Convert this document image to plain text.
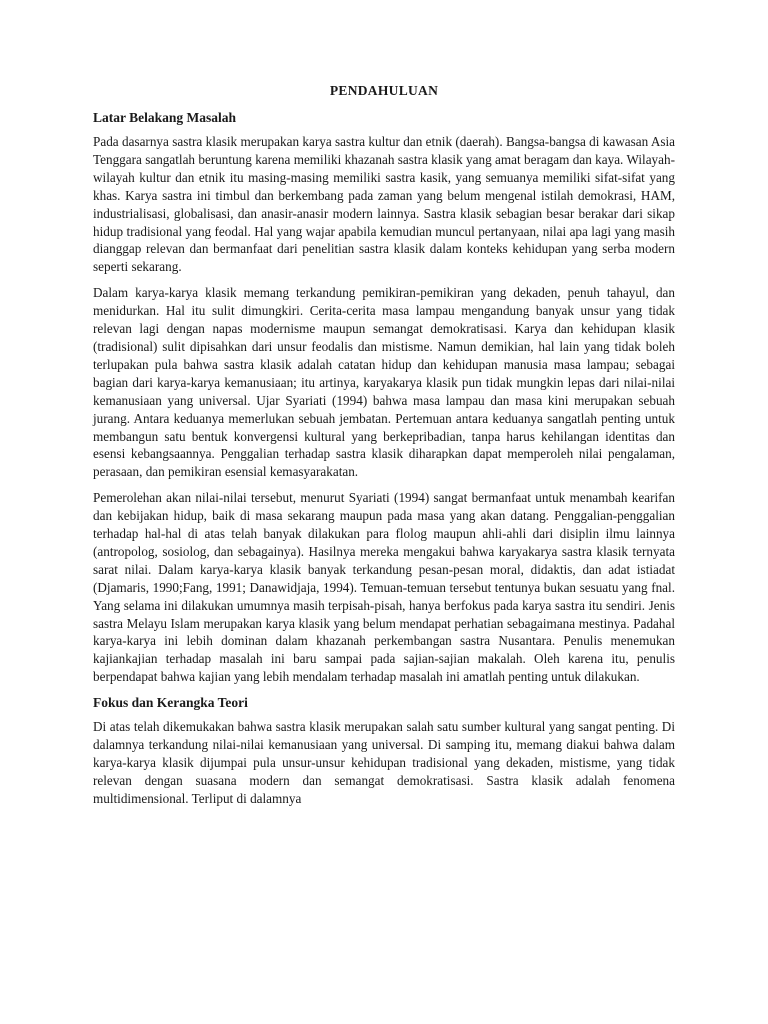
PENDAHULUAN
Latar Belakang Masalah

Pada dasarnya sastra klasik merupakan karya sastra kultur dan etnik (daerah). Bangsa-bangsa di kawasan Asia Tenggara sangatlah beruntung karena memiliki khazanah sastra klasik yang amat beragam dan kaya. Wilayah-wilayah kultur dan etnik itu masing-masing memiliki sastra kasik, yang semuanya memiliki sifat-sifat yang khas. Karya sastra ini timbul dan berkembang pada zaman yang belum mengenal istilah demokrasi, HAM, industrialisasi, globalisasi, dan anasir-anasir modern lainnya. Sastra klasik sebagian besar berakar dari sikap hidup tradisional yang feodal. Hal yang wajar apabila kemudian muncul pertanyaan, nilai apa lagi yang masih dianggap relevan dan bermanfaat dari penelitian sastra klasik dalam konteks kehidupan yang serba modern seperti sekarang.

Dalam karya-karya klasik memang terkandung pemikiran-pemikiran yang dekaden, penuh tahayul, dan menidurkan. Hal itu sulit dimungkiri. Cerita-cerita masa lampau mengandung banyak unsur yang tidak relevan lagi dengan napas modernisme maupun semangat demokratisasi. Karya dan kehidupan klasik (tradisional) sulit dipisahkan dari unsur feodalis dan mistisme. Namun demikian, hal lain yang tidak boleh terlupakan pula bahwa sastra klasik adalah catatan hidup dan kehidupan manusia masa lampau; sebagai bagian dari karya-karya kemanusiaan; itu artinya, karyakarya klasik pun tidak mungkin lepas dari nilai-nilai kemanusiaan yang universal. Ujar Syariati (1994) bahwa masa lampau dan masa kini merupakan sebuah jurang. Antara keduanya memerlukan sebuah jembatan. Pertemuan antara keduanya sangatlah penting untuk membangun satu bentuk konvergensi kultural yang berkepribadian, tanpa harus kehilangan identitas dan esensi kebangsaannya. Penggalian terhadap sastra klasik diharapkan dapat memperoleh nilai pengalaman, perasaan, dan pemikiran esensial kemasyarakatan.

Pemerolehan akan nilai-nilai tersebut, menurut Syariati (1994) sangat bermanfaat untuk menambah kearifan dan kebijakan hidup, baik di masa sekarang maupun pada masa yang akan datang. Penggalian-penggalian terhadap hal-hal di atas telah banyak dilakukan para flolog maupun ahli-ahli dari disiplin ilmu lainnya (antropolog, sosiolog, dan sebagainya). Hasilnya mereka mengakui bahwa karyakarya sastra klasik ternyata sarat nilai. Dalam karya-karya klasik banyak terkandung pesan-pesan moral, didaktis, dan adat istiadat (Djamaris, 1990;Fang, 1991; Danawidjaja, 1994). Temuan-temuan tersebut tentunya bukan sesuatu yang fnal. Yang selama ini dilakukan umumnya masih terpisah-pisah, hanya berfokus pada karya sastra itu sendiri. Jenis sastra Melayu Islam merupakan karya klasik yang belum mendapat perhatian sebagaimana mestinya. Padahal karya-karya ini lebih dominan dalam khazanah perkembangan sastra Nusantara. Penulis menemukan kajiankajian terhadap masalah ini baru sampai pada sajian-sajian makalah. Oleh karena itu, penulis berpendapat bahwa kajian yang lebih mendalam terhadap masalah ini amatlah penting untuk dilakukan.

Fokus dan Kerangka Teori

Di atas telah dikemukakan bahwa sastra klasik merupakan salah satu sumber kultural yang sangat penting. Di dalamnya terkandung nilai-nilai kemanusiaan yang universal. Di samping itu, memang diakui bahwa dalam karya-karya klasik dijumpai pula unsur-unsur kehidupan tradisional yang dekaden, mistisme, yang tidak relevan dengan suasana modern dan semangat demokratisasi. Sastra klasik adalah fenomena multidimensional. Terliput di dalamnya
